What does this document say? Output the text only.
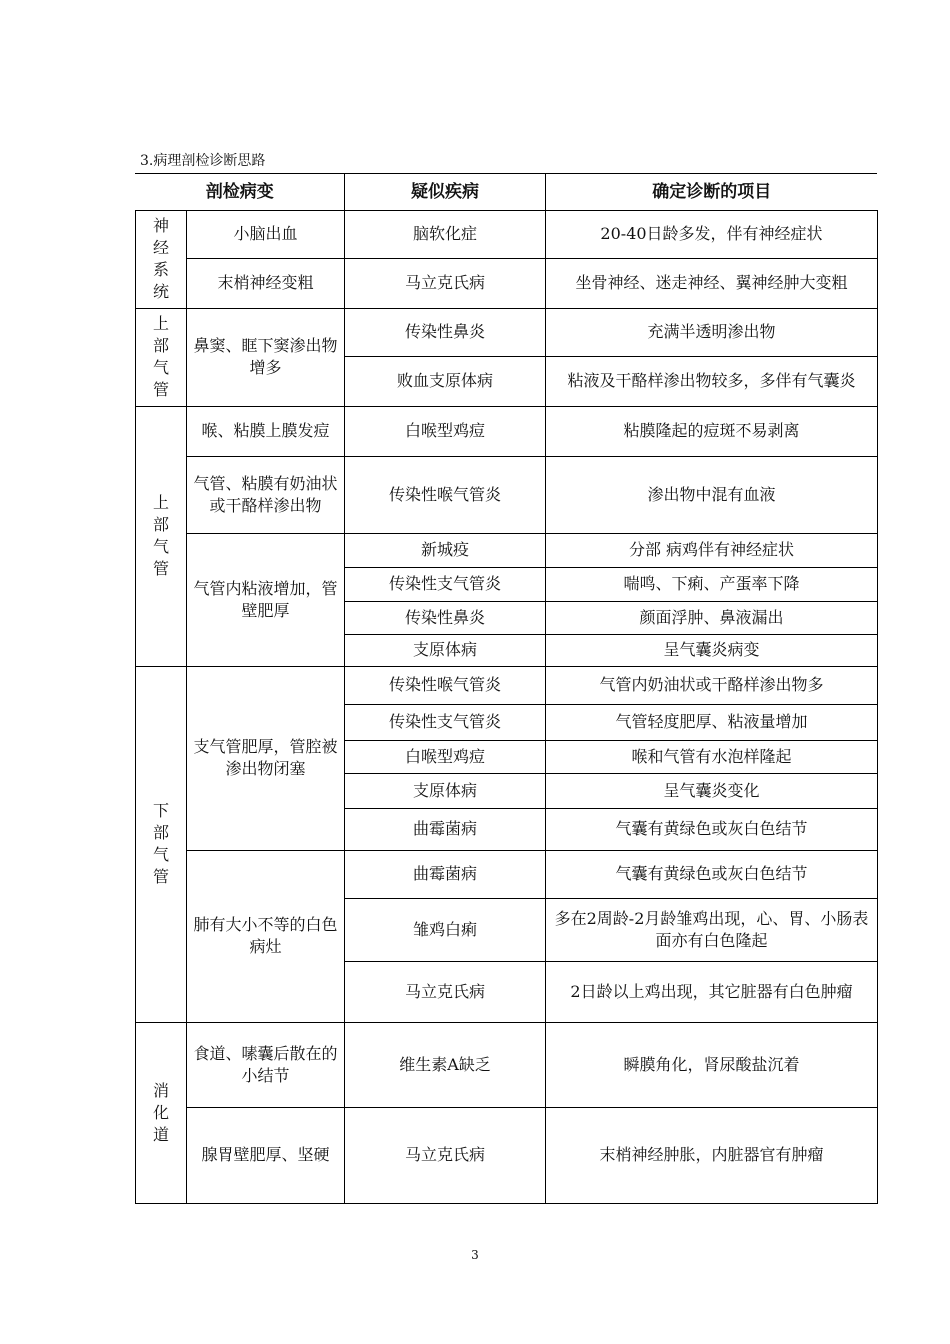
3.病理剖检诊断思路
剖检病变		疑似疾病	确定诊断的项目
神
经
系
统	小脑出血	脑软化症	20-40日龄多发，伴有神经症状
	末梢神经变粗	马立克氏病	坐骨神经、迷走神经、翼神经肿大变粗
上
部
气
管	鼻窦、眶下窦渗出物增多	传染性鼻炎	充满半透明渗出物
		败血支原体病	粘液及干酪样渗出物较多，多伴有气囊炎
上
部
气
管	喉、粘膜上膜发痘	白喉型鸡痘	粘膜隆起的痘斑不易剥离
	气管、粘膜有奶油状或干酪样渗出物	传染性喉气管炎	渗出物中混有血液
	气管内粘液增加，管壁肥厚	新城疫	分部 病鸡伴有神经症状
		传染性支气管炎	喘鸣、下痢、产蛋率下降
		传染性鼻炎	颜面浮肿、鼻液漏出
		支原体病	呈气囊炎病变
下
部
气
管	支气管肥厚，管腔被渗出物闭塞	传染性喉气管炎	气管内奶油状或干酪样渗出物多
		传染性支气管炎	气管轻度肥厚、粘液量增加
		白喉型鸡痘	喉和气管有水泡样隆起
		支原体病	呈气囊炎变化
		曲霉菌病	气囊有黄绿色或灰白色结节
	肺有大小不等的白色病灶	曲霉菌病	气囊有黄绿色或灰白色结节
		雏鸡白痢	多在2周龄-2月龄雏鸡出现，心、胃、小肠表面亦有白色隆起
		马立克氏病	2日龄以上鸡出现，其它脏器有白色肿瘤
消
化
道	食道、嗉囊后散在的小结节	维生素A缺乏	瞬膜角化，肾尿酸盐沉着
	腺胃壁肥厚、坚硬	马立克氏病	末梢神经肿胀，内脏器官有肿瘤
3
